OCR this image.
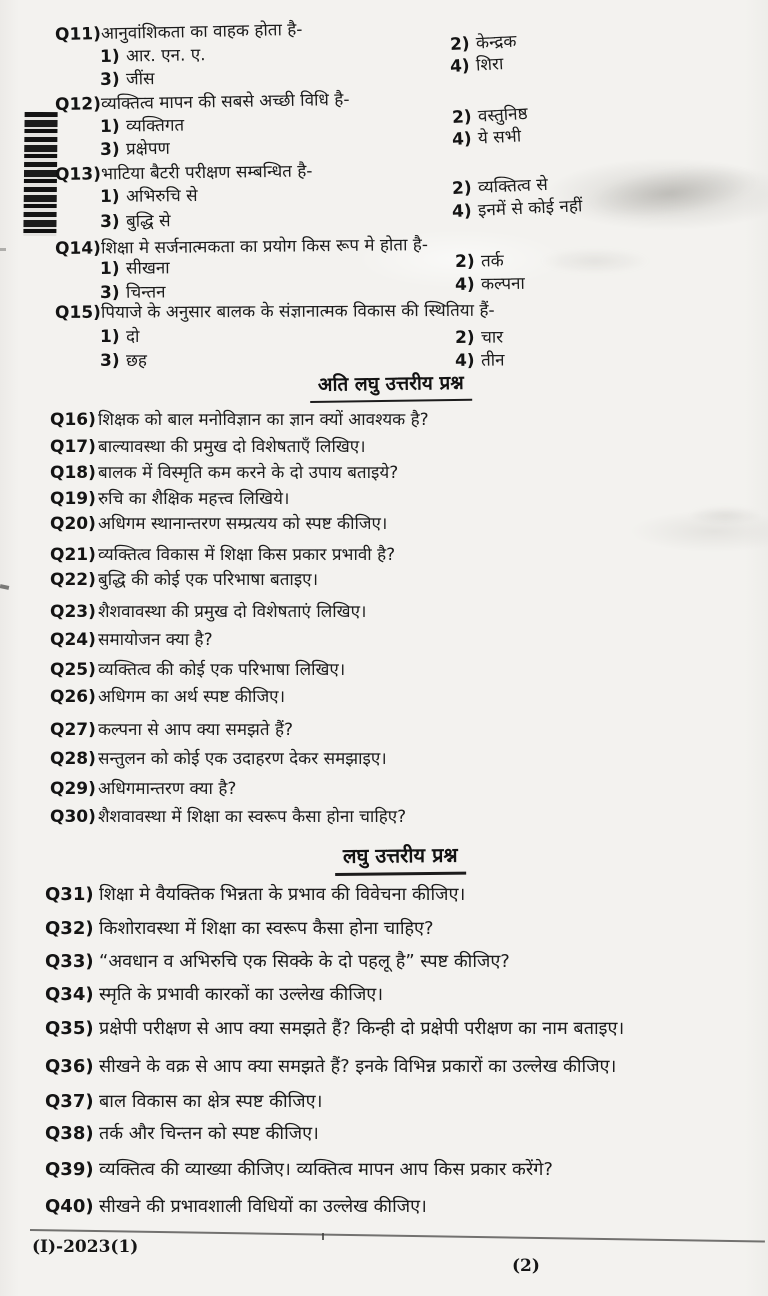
Q11)आनुवांशिकता का वाहक होता है-
1) आर. एन. ए.
3) जींस
2) केन्द्रक
4) शिरा
Q12)व्यक्तित्व मापन की सबसे अच्छी विधि है-
1) व्यक्तिगत
3) प्रक्षेपण
2) वस्तुनिष्ठ
4) ये सभी
Q13)भाटिया बैटरी परीक्षण सम्बन्धित है-
1) अभिरुचि से
3) बुद्धि से
2) व्यक्तित्व से
4) इनमें से कोई नहीं
Q14)शिक्षा मे सर्जनात्मकता का प्रयोग किस रूप मे होता है-
1) सीखना
3) चिन्तन
2) तर्क
4) कल्पना
Q15)पियाजे के अनुसार बालक के संज्ञानात्मक विकास की स्थितिया हैं-
1) दो
3) छह
2) चार
4) तीन
अति लघु उत्तरीय प्रश्न
Q16) शिक्षक को बाल मनोविज्ञान का ज्ञान क्यों आवश्यक है?
Q17) बाल्यावस्था की प्रमुख दो विशेषताएँ लिखिए।
Q18) बालक में विस्मृति कम करने के दो उपाय बताइये?
Q19) रुचि का शैक्षिक महत्त्व लिखिये।
Q20) अधिगम स्थानान्तरण सम्प्रत्यय को स्पष्ट कीजिए।
Q21) व्यक्तित्व विकास में शिक्षा किस प्रकार प्रभावी है?
Q22) बुद्धि की कोई एक परिभाषा बताइए।
Q23) शैशवावस्था की प्रमुख दो विशेषताएं लिखिए।
Q24) समायोजन क्या है?
Q25) व्यक्तित्व की कोई एक परिभाषा लिखिए।
Q26) अधिगम का अर्थ स्पष्ट कीजिए।
Q27) कल्पना से आप क्या समझते हैं?
Q28) सन्तुलन को कोई एक उदाहरण देकर समझाइए।
Q29) अधिगमान्तरण क्या है?
Q30) शैशवावस्था में शिक्षा का स्वरूप कैसा होना चाहिए?
लघु उत्तरीय प्रश्न
Q31) शिक्षा मे वैयक्तिक भिन्नता के प्रभाव की विवेचना कीजिए।
Q32) किशोरावस्था में शिक्षा का स्वरूप कैसा होना चाहिए?
Q33) “अवधान व अभिरुचि एक सिक्के के दो पहलू है” स्पष्ट कीजिए?
Q34) स्मृति के प्रभावी कारकों का उल्लेख कीजिए।
Q35) प्रक्षेपी परीक्षण से आप क्या समझते हैं? किन्ही दो प्रक्षेपी परीक्षण का नाम बताइए।
Q36) सीखने के वक्र से आप क्या समझते हैं? इनके विभिन्न प्रकारों का उल्लेख कीजिए।
Q37) बाल विकास का क्षेत्र स्पष्ट कीजिए।
Q38) तर्क और चिन्तन को स्पष्ट कीजिए।
Q39) व्यक्तित्व की व्याख्या कीजिए। व्यक्तित्व मापन आप किस प्रकार करेंगे?
Q40) सीखने की प्रभावशाली विधियों का उल्लेख कीजिए।
(I)-2023(1)
(2)
